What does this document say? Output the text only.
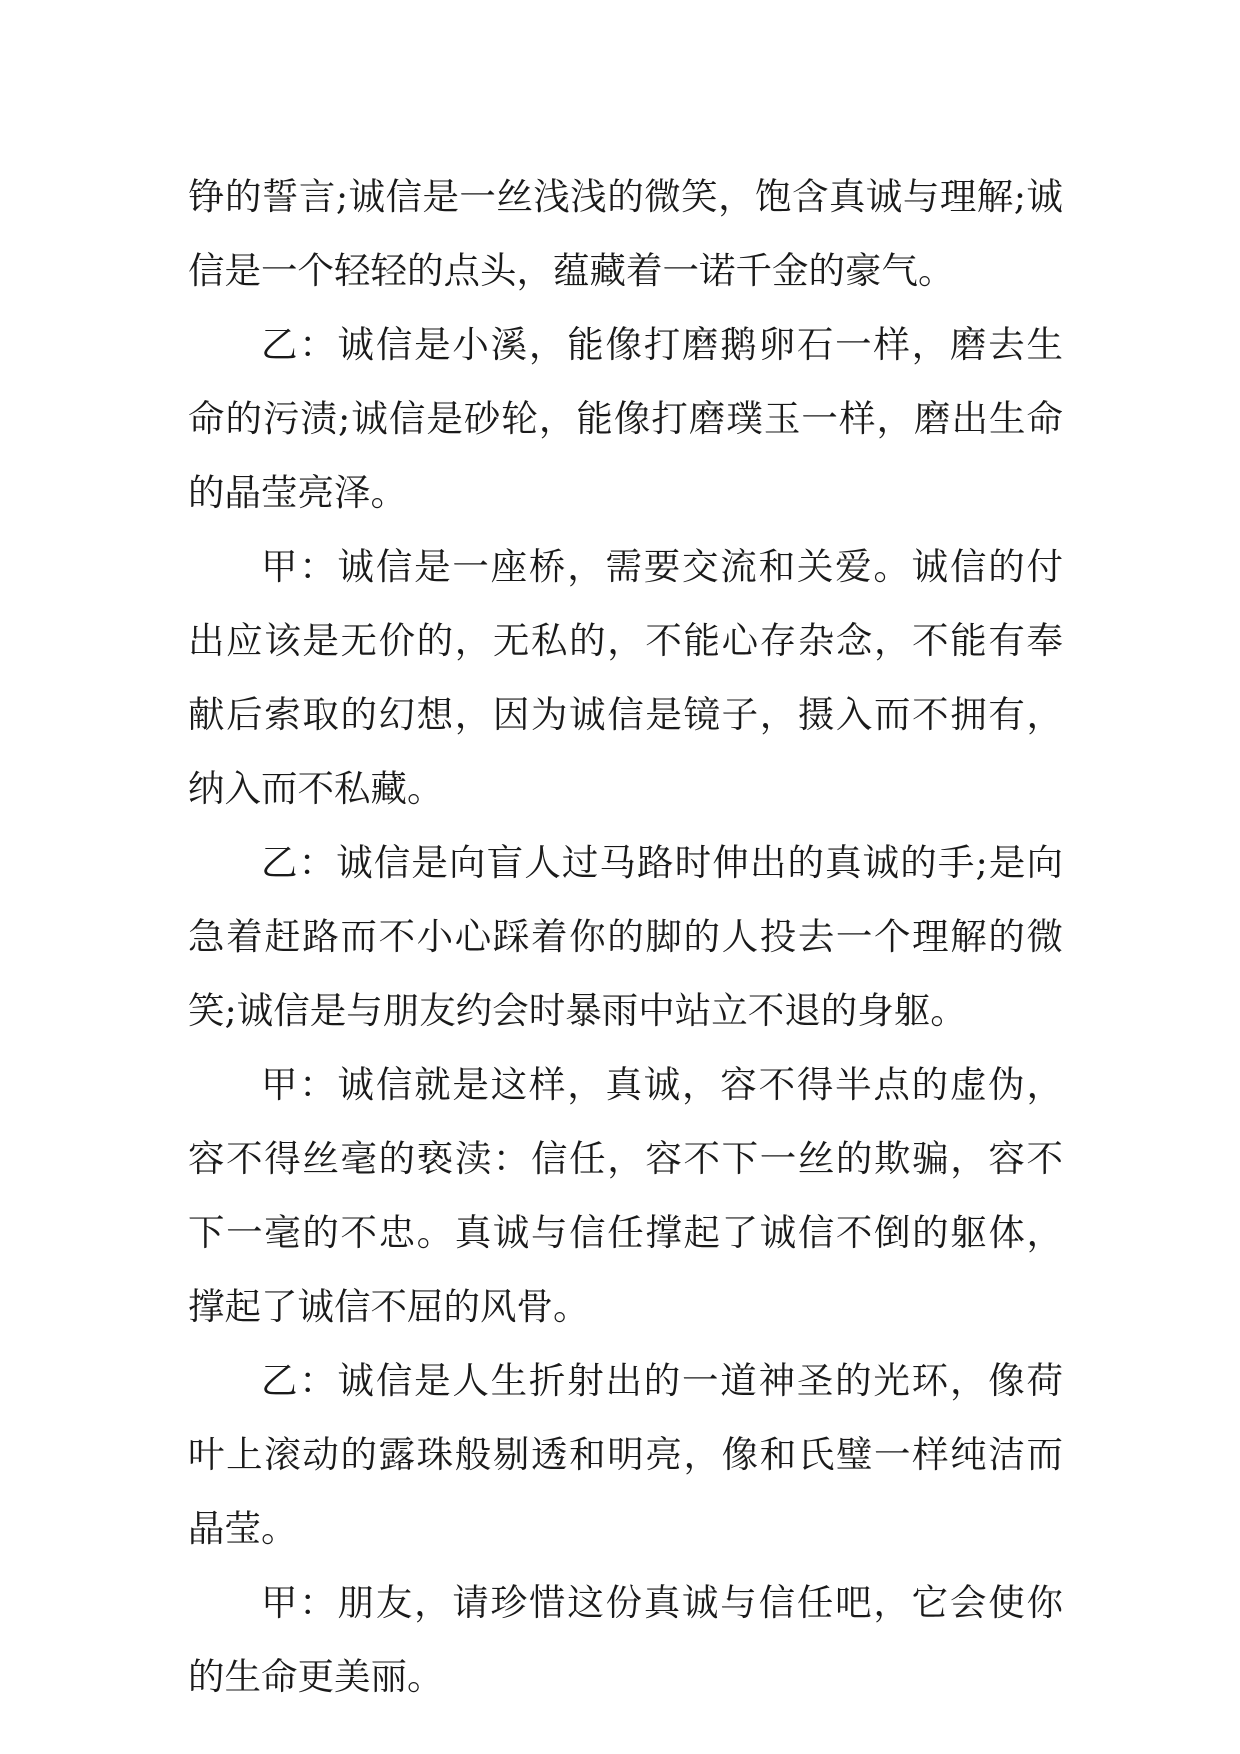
铮的誓言;诚信是一丝浅浅的微笑，饱含真诚与理解;诚信是一个轻轻的点头，蕴藏着一诺千金的豪气。

乙：诚信是小溪，能像打磨鹅卵石一样，磨去生命的污渍;诚信是砂轮，能像打磨璞玉一样，磨出生命的晶莹亮泽。

甲：诚信是一座桥，需要交流和关爱。诚信的付出应该是无价的，无私的，不能心存杂念，不能有奉献后索取的幻想，因为诚信是镜子，摄入而不拥有，纳入而不私藏。

乙：诚信是向盲人过马路时伸出的真诚的手;是向急着赶路而不小心踩着你的脚的人投去一个理解的微笑;诚信是与朋友约会时暴雨中站立不退的身躯。

甲：诚信就是这样，真诚，容不得半点的虚伪，容不得丝毫的亵渎：信任，容不下一丝的欺骗，容不下一毫的不忠。真诚与信任撑起了诚信不倒的躯体，撑起了诚信不屈的风骨。

乙：诚信是人生折射出的一道神圣的光环，像荷叶上滚动的露珠般剔透和明亮，像和氏璧一样纯洁而晶莹。

甲：朋友，请珍惜这份真诚与信任吧，它会使你的生命更美丽。
